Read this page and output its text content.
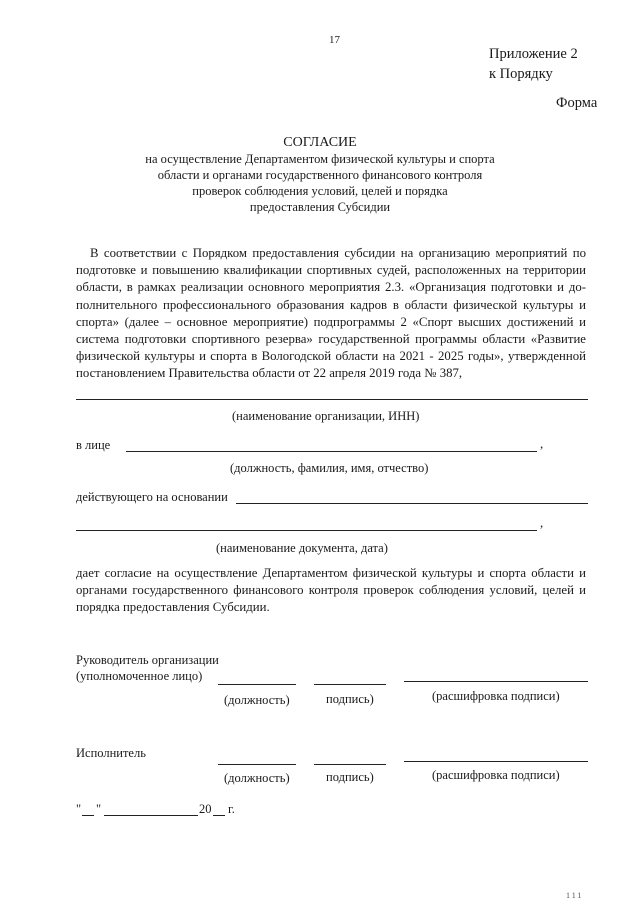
17
Приложение 2
к Порядку
Форма
СОГЛАСИЕ
на осуществление Департаментом физической культуры и спорта
области и органами государственного финансового контроля
проверок соблюдения условий, целей и порядка
предоставления Субсидии
В соответствии с Порядком предоставления субсидии на организацию мероприятий по подготовке и повышению квалификации спортивных судей, расположенных на территории области, в рамках реализации основного мероприятия 2.3. «Организация подготовки и до-полнительного профессионального образования кадров в области физической культуры и спорта» (далее – основное мероприятие) подпрограммы 2 «Спорт высших достижений и система подготовки спортивного резерва» государственной программы области «Развитие физической культуры и спорта в Вологодской области на 2021 - 2025 годы», утвержденной постановлением Правительства области от 22 апреля 2019 года № 387,
(наименование организации, ИНН)
в лице	,
(должность, фамилия, имя, отчество)
действующего на основании
,
(наименование документа, дата)
дает согласие на осуществление Департаментом физической культуры и спорта области и органами государственного финансового контроля проверок соблюдения условий, целей и порядка предоставления Субсидии.
Руководитель организации
(уполномоченное лицо)
(должность)	подпись)	(расшифровка подписи)
Исполнитель
(должность)	подпись)	(расшифровка подписи)
" "	20 г.
111
